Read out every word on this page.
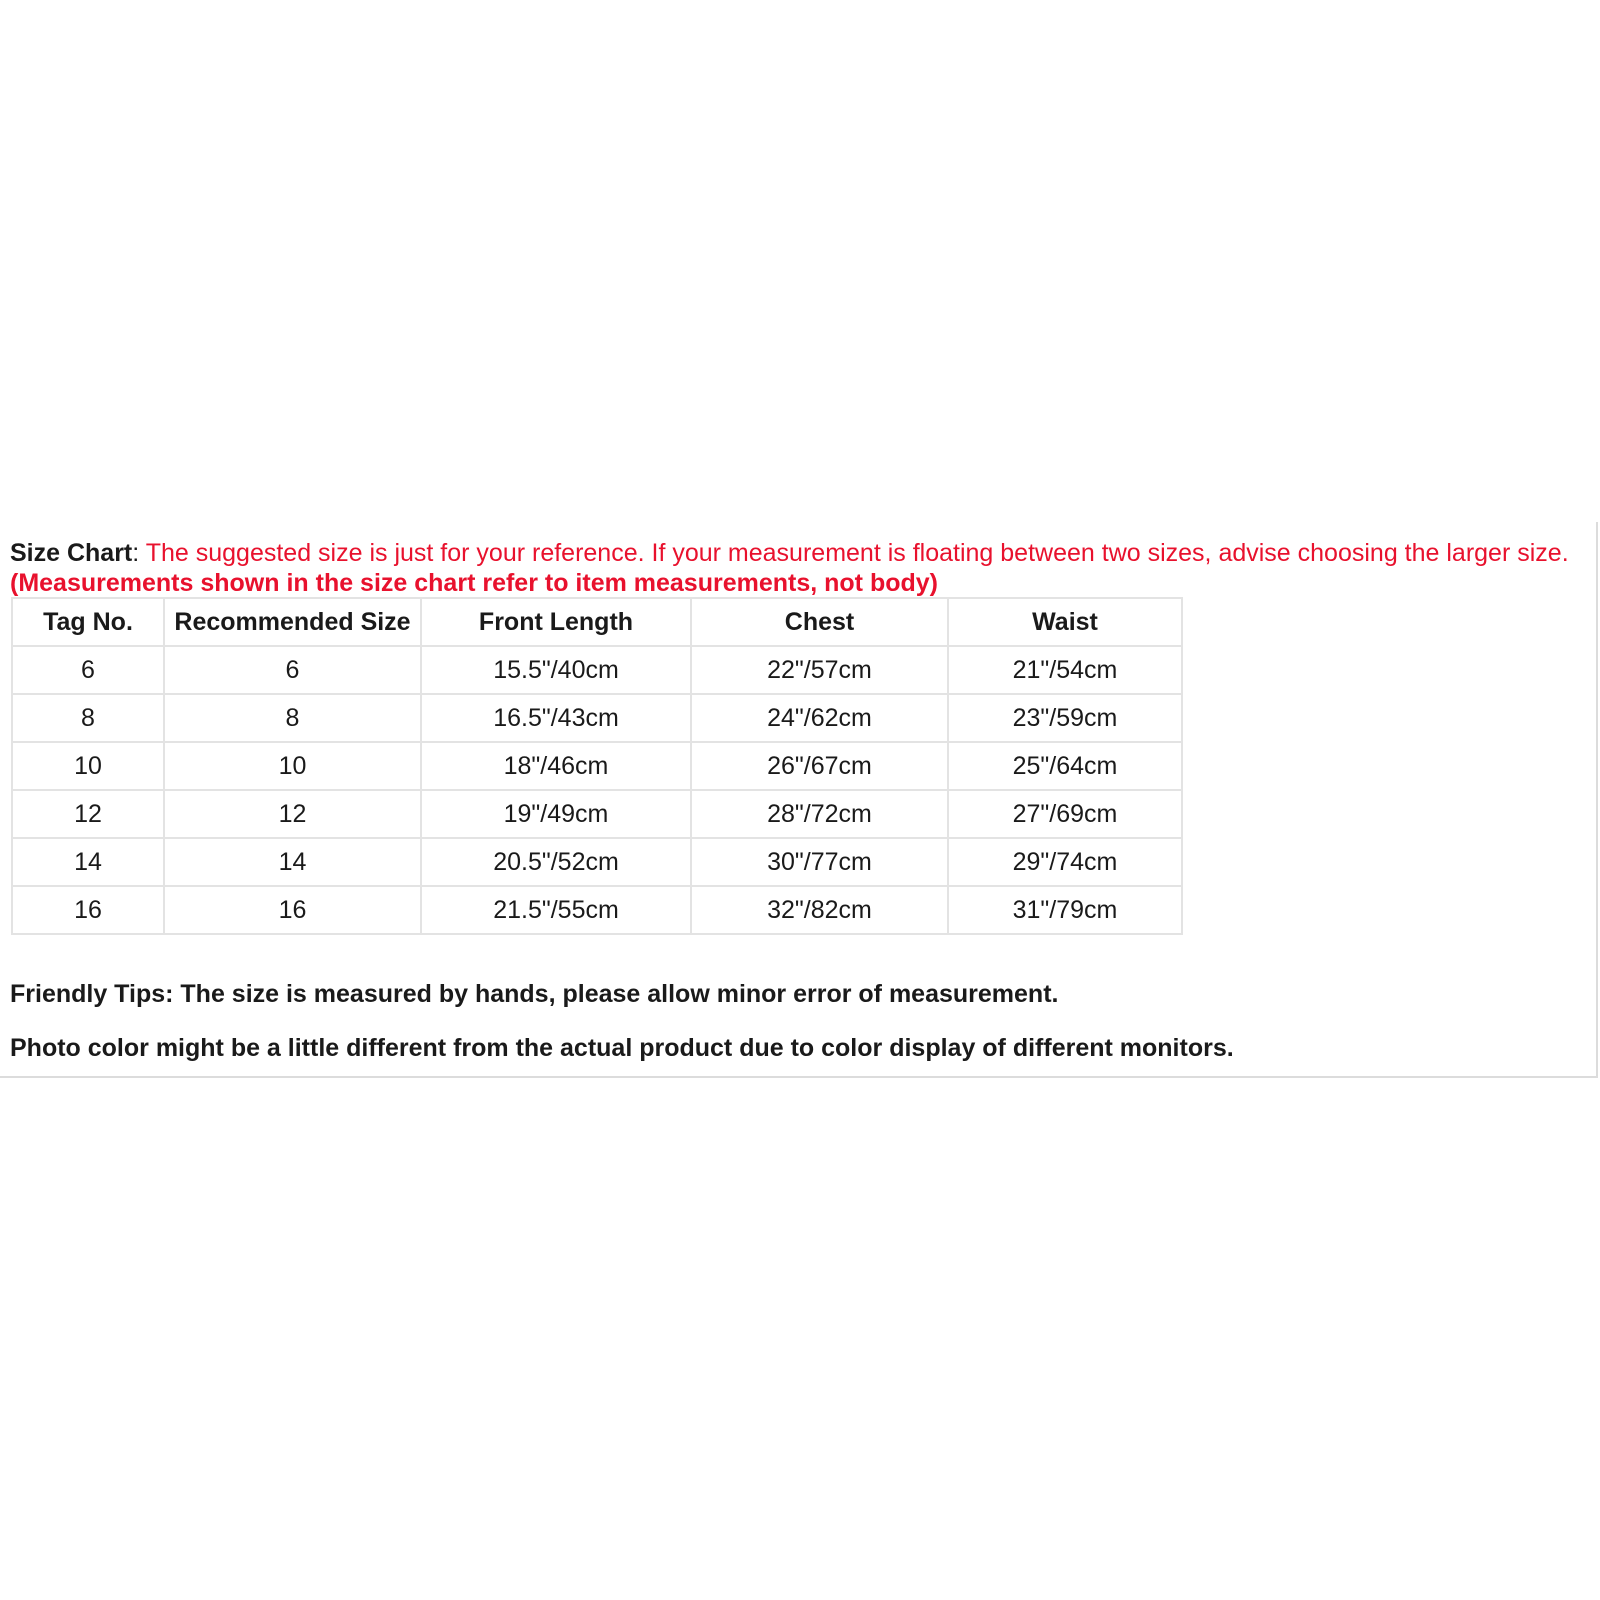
Size Chart: The suggested size is just for your reference. If your measurement is floating between two sizes, advise choosing the larger size. (Measurements shown in the size chart refer to item measurements, not body)

Tag No.	Recommended Size	Front Length	Chest	Waist
6	6	15.5"/40cm	22"/57cm	21"/54cm
8	8	16.5"/43cm	24"/62cm	23"/59cm
10	10	18"/46cm	26"/67cm	25"/64cm
12	12	19"/49cm	28"/72cm	27"/69cm
14	14	20.5"/52cm	30"/77cm	29"/74cm
16	16	21.5"/55cm	32"/82cm	31"/79cm

Friendly Tips: The size is measured by hands, please allow minor error of measurement.

Photo color might be a little different from the actual product due to color display of different monitors.
